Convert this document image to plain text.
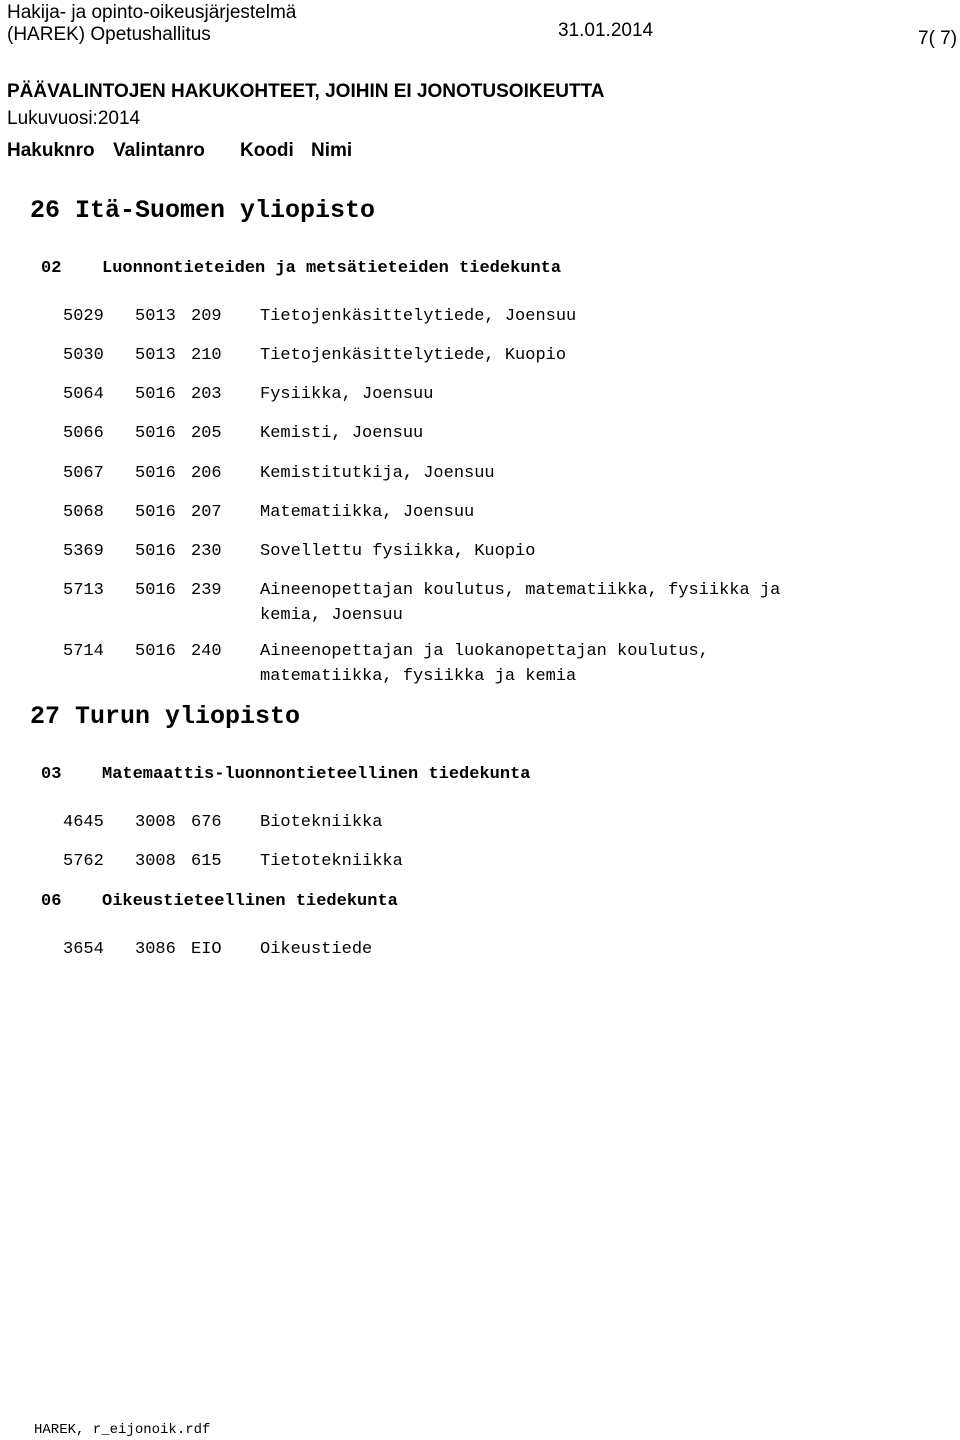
Hakija- ja opinto-oikeusjärjestelmä
(HAREK) Opetushallitus	31.01.2014	7( 7)
PÄÄVALINTOJEN HAKUKOHTEET, JOIHIN EI JONOTUSOIKEUTTA
Lukuvuosi:2014
Hakuknro Valintanro Koodi Nimi
26 Itä-Suomen yliopisto
02 Luonnontieteiden ja metsätieteiden tiedekunta
5029 5013 209 Tietojenkäsittelytiede, Joensuu
5030 5013 210 Tietojenkäsittelytiede, Kuopio
5064 5016 203 Fysiikka, Joensuu
5066 5016 205 Kemisti, Joensuu
5067 5016 206 Kemistitutkija, Joensuu
5068 5016 207 Matematiikka, Joensuu
5369 5016 230 Sovellettu fysiikka, Kuopio
5713 5016 239 Aineenopettajan koulutus, matematiikka, fysiikka ja
kemia, Joensuu
5714 5016 240 Aineenopettajan ja luokanopettajan koulutus,
matematiikka, fysiikka ja kemia
27 Turun yliopisto
03 Matemaattis-luonnontieteellinen tiedekunta
4645 3008 676 Biotekniikka
5762 3008 615 Tietotekniikka
06 Oikeustieteellinen tiedekunta
3654 3086 EIO Oikeustiede
HAREK, r_eijonoik.rdf
